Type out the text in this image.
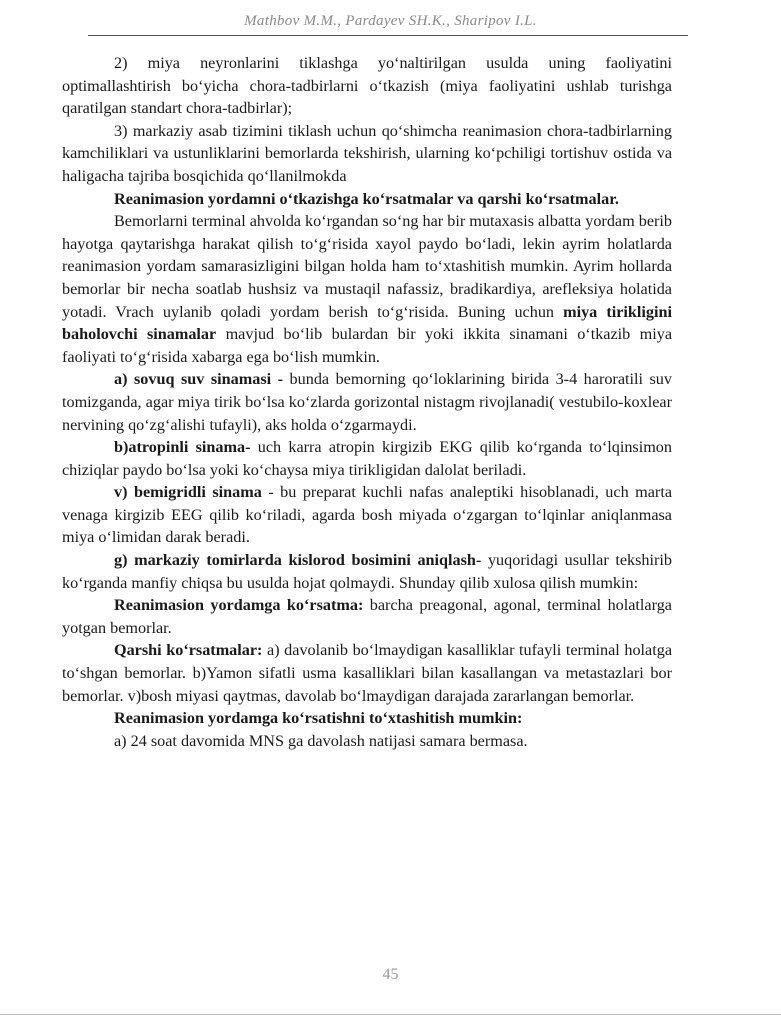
Mathbov M.M., Pardayev SH.K., Sharipov I.L.

2) miya neyronlarini tiklashga yo‘naltirilgan usulda uning faoliyatini optimallashtirish bo‘yicha chora-tadbirlarni o‘tkazish (miya faoliyatini ushlab turishga qaratilgan standart chora-tadbirlar);

3) markaziy asab tizimini tiklash uchun qo‘shimcha reanimasion chora-tadbirlarning kamchiliklari va ustunliklarini bemorlarda tekshirish, ularning ko‘pchiligi tortishuv ostida va haligacha tajriba bosqichida qo‘llanilmokda

Reanimasion yordamni o‘tkazishga ko‘rsatmalar va qarshi ko‘rsatmalar.

Bemorlarni terminal ahvolda ko‘rgandan so‘ng har bir mutaxasis albatta yordam berib hayotga qaytarishga harakat qilish to‘g‘risida xayol paydo bo‘ladi, lekin ayrim holatlarda reanimasion yordam samarasizligini bilgan holda ham to‘xtashitish mumkin. Ayrim hollarda bemorlar bir necha soatlab hushsiz va mustaqil nafassiz, bradikardiya, arefleksiya holatida yotadi. Vrach uylanib qoladi yordam berish to‘g‘risida. Buning uchun miya tirikligini baholovchi sinamalar mavjud bo‘lib bulardan bir yoki ikkita sinamani o‘tkazib miya faoliyati to‘g‘risida xabarga ega bo‘lish mumkin.

a) sovuq suv sinamasi - bunda bemorning qo‘loklarining birida 3-4 haroratili suv tomizganda, agar miya tirik bo‘lsa ko‘zlarda gorizontal nistagm rivojlanadi( vestubilo-koxlear nervining qo‘zg‘alishi tufayli), aks holda o‘zgarmaydi.

b)atropinli sinama- uch karra atropin kirgizib EKG qilib ko‘rganda to‘lqinsimon chiziqlar paydo bo‘lsa yoki ko‘chaysa miya tirikligidan dalolat beriladi.

v) bemigridli sinama - bu preparat kuchli nafas analeptiki hisoblanadi, uch marta venaga kirgizib EEG qilib ko‘riladi, agarda bosh miyada o‘zgargan to‘lqinlar aniqlanmasa miya o‘limidan darak beradi.

g) markaziy tomirlarda kislorod bosimini aniqlash- yuqoridagi usullar tekshirib ko‘rganda manfiy chiqsa bu usulda hojat qolmaydi. Shunday qilib xulosa qilish mumkin:

Reanimasion yordamga ko‘rsatma: barcha preagonal, agonal, terminal holatlarga yotgan bemorlar.

Qarshi ko‘rsatmalar: a) davolanib bo‘lmaydigan kasalliklar tufayli terminal holatga to‘shgan bemorlar. b)Yamon sifatli usma kasalliklari bilan kasallangan va metastazlari bor bemorlar. v)bosh miyasi qaytmas, davolab bo‘lmaydigan darajada zararlangan bemorlar.

Reanimasion yordamga ko‘rsatishni to‘xtashitish mumkin:

a) 24 soat davomida MNS ga davolash natijasi samara bermasa.

45
